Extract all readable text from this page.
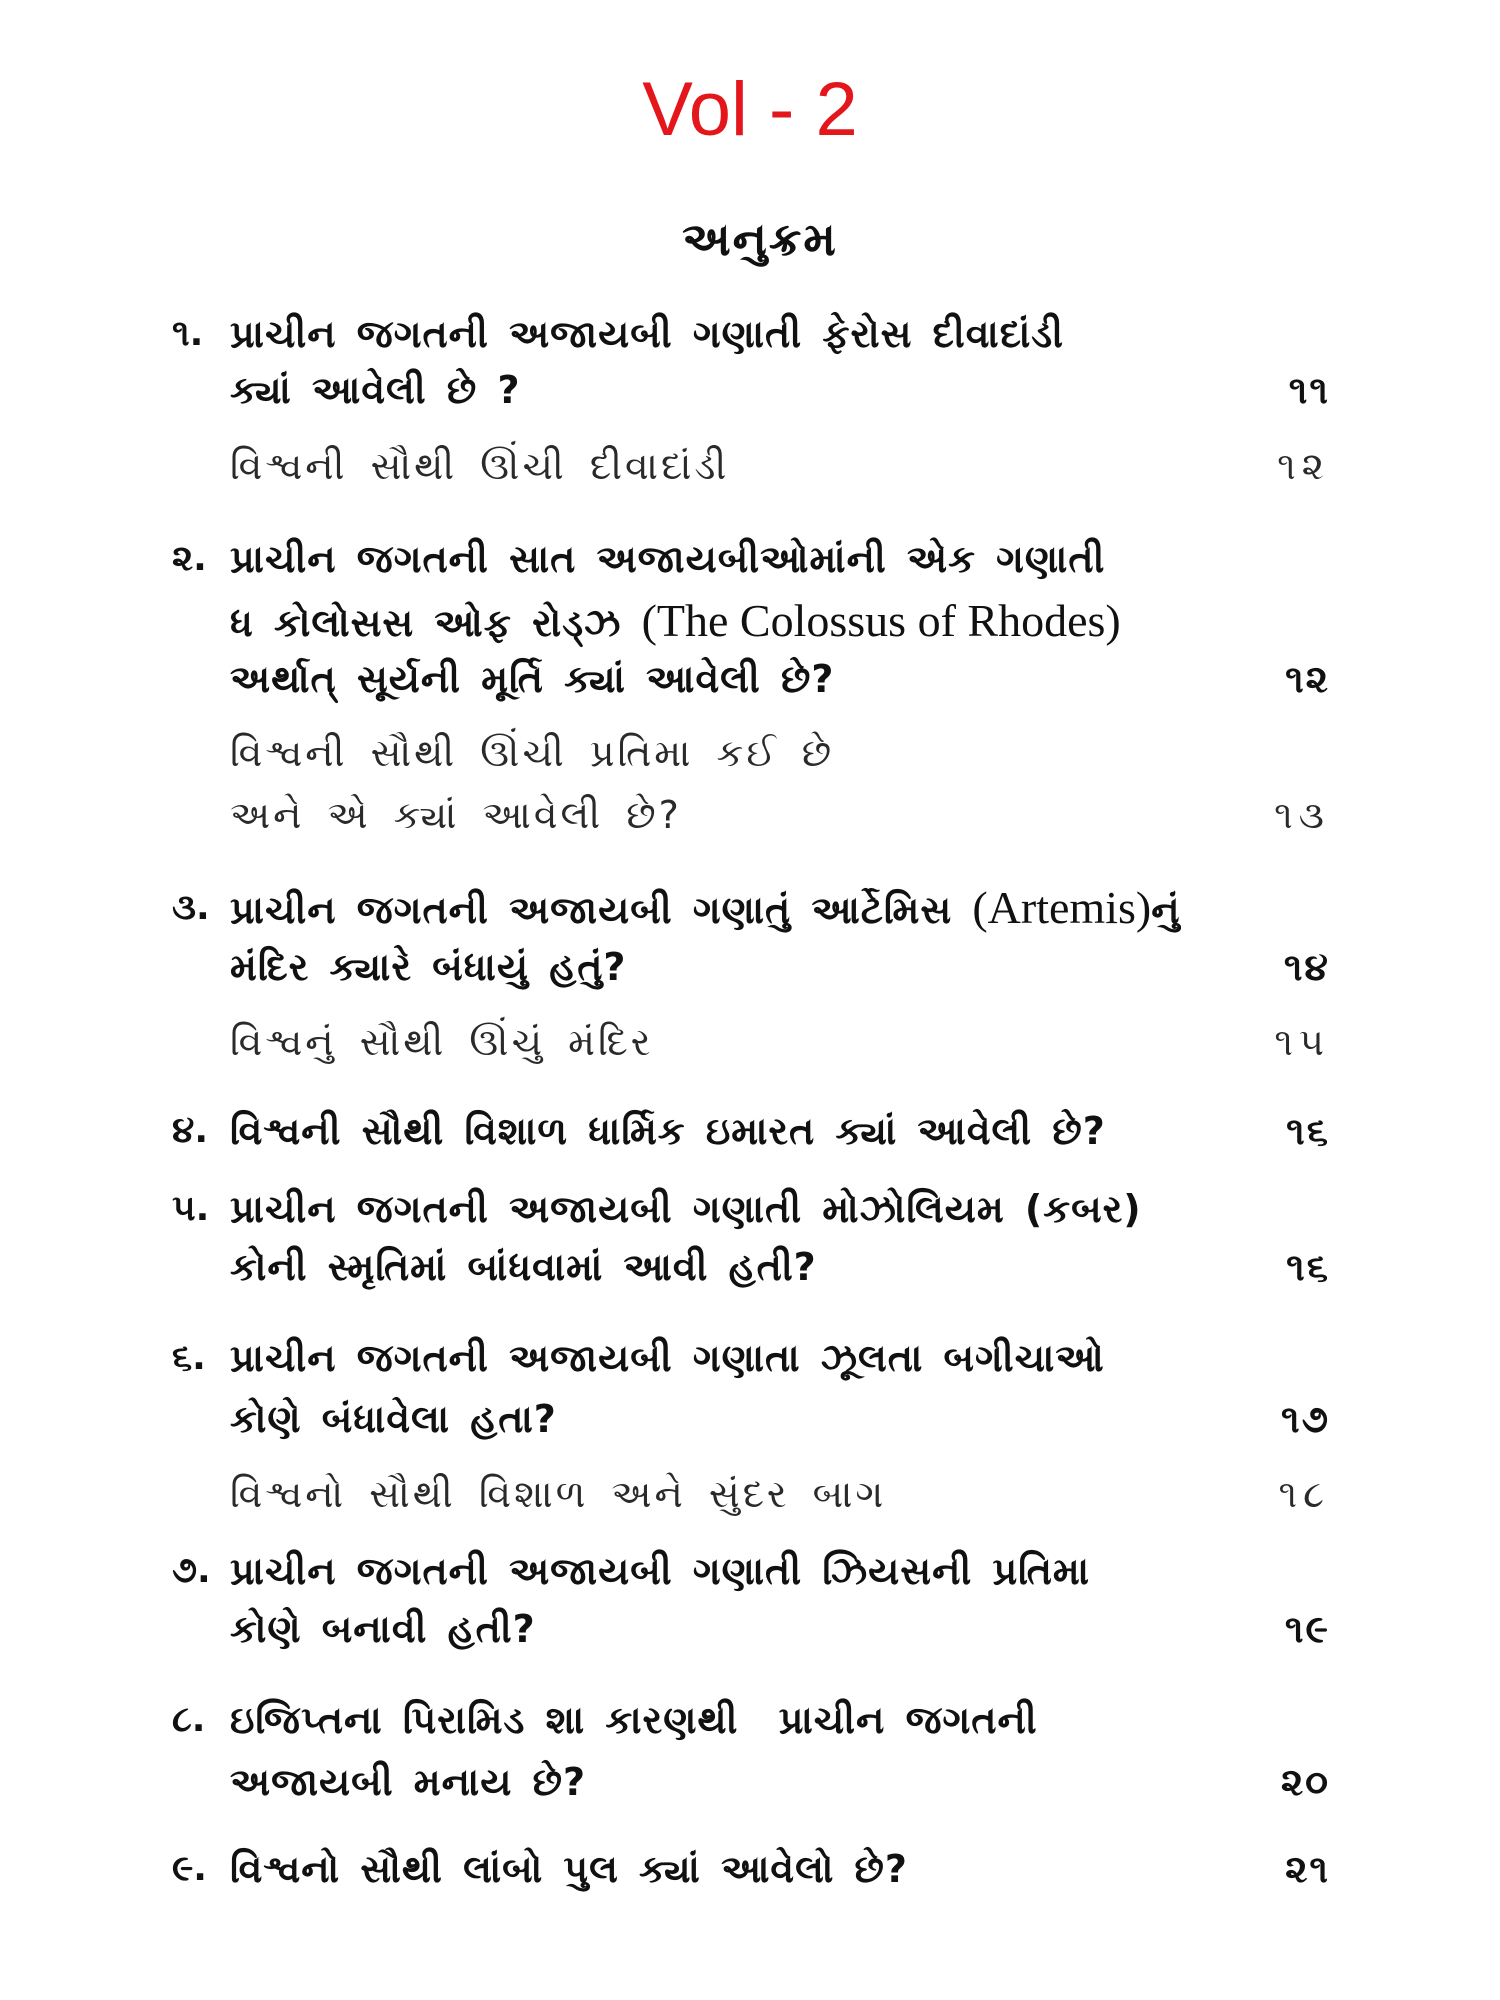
Vol - 2
અનુક્રમ
૧. પ્રાચીન જગતની અજાયબી ગણાતી ફેરોસ દીવાદાંડી
ક્યાં આવેલી છે ?	૧૧
વિશ્વની સૌથી ઊંચી દીવાદાંડી	૧૨
૨. પ્રાચીન જગતની સાત અજાયબીઓમાંની એક ગણાતી
ધ કોલોસસ ઓફ રોડ્ઝ (The Colossus of Rhodes)
અર્થાત્ સૂર્યની મૂર્તિ ક્યાં આવેલી છે?	૧૨
વિશ્વની સૌથી ઊંચી પ્રતિમા કઈ છે
અને એ ક્યાં આવેલી છે?	૧૩
૩. પ્રાચીન જગતની અજાયબી ગણાતું આર્ટેમિસ (Artemis)નું
મંદિર ક્યારે બંધાયું હતું?	૧૪
વિશ્વનું સૌથી ઊંચું મંદિર	૧૫
૪. વિશ્વની સૌથી વિશાળ ધાર્મિક ઇમારત ક્યાં આવેલી છે?	૧૬
૫. પ્રાચીન જગતની અજાયબી ગણાતી મોઝોલિયમ (કબર)
કોની સ્મૃતિમાં બાંધવામાં આવી હતી?	૧૬
૬. પ્રાચીન જગતની અજાયબી ગણાતા ઝૂલતા બગીચાઓ
કોણે બંધાવેલા હતા?	૧૭
વિશ્વનો સૌથી વિશાળ અને સુંદર બાગ	૧૮
૭. પ્રાચીન જગતની અજાયબી ગણાતી ઝિયસની પ્રતિમા
કોણે બનાવી હતી?	૧૯
૮. ઇજિપ્તના પિરામિડ શા કારણથી  પ્રાચીન જગતની
અજાયબી મનાય છે?	૨૦
૯. વિશ્વનો સૌથી લાંબો પુલ ક્યાં આવેલો છે?	૨૧
